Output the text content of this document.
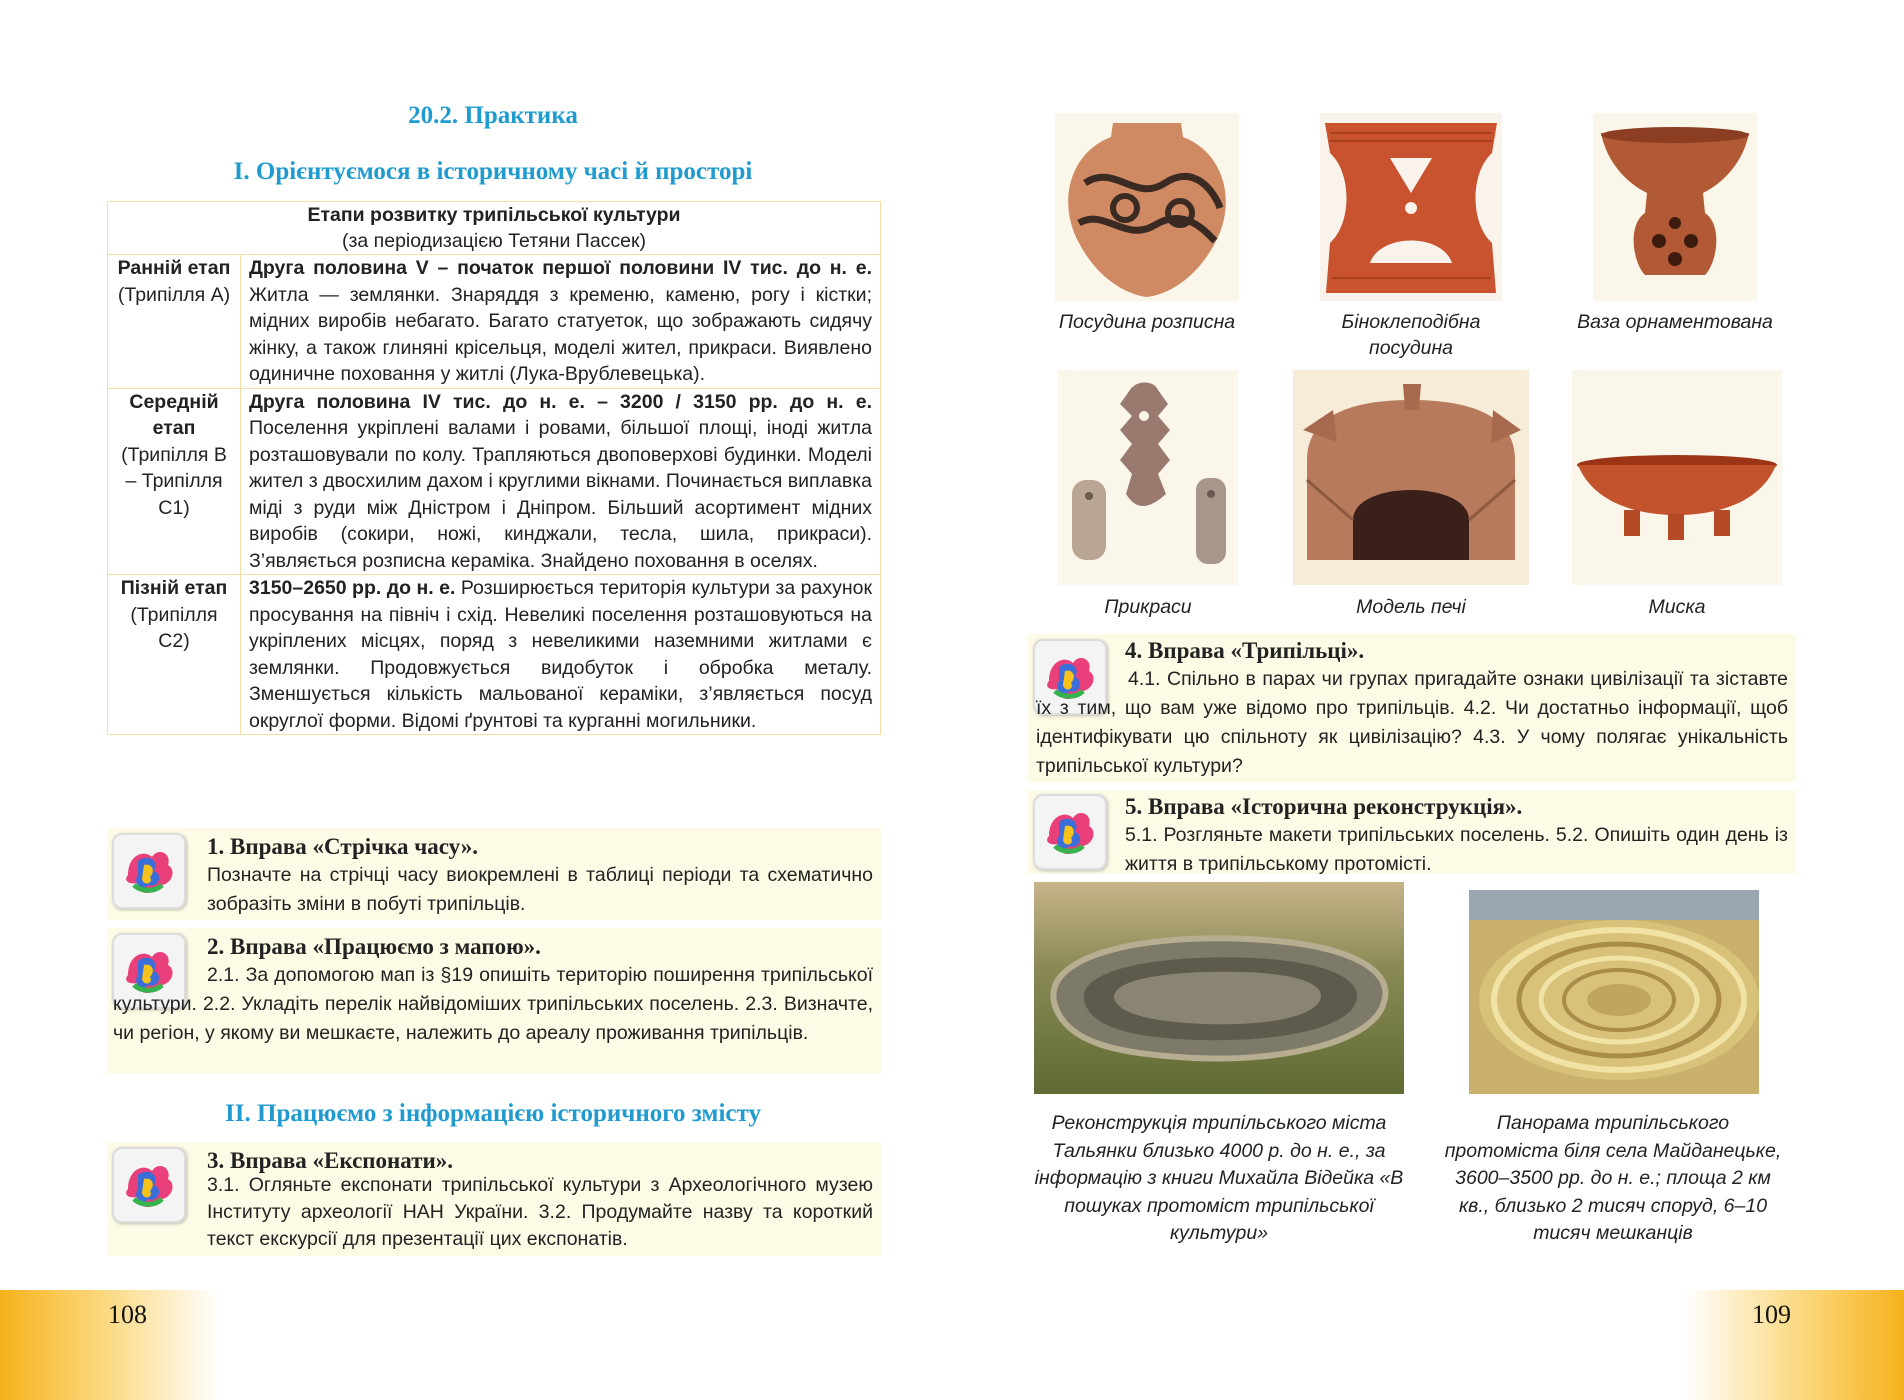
108	109
20.2. Практика
I. Орієнтуємося в історичному часі й просторі
Етапи розвитку трипільської культури
(за періодизацією Тетяни Пассек)	

Ранній етап
(Трипілля А)	Друга половина V – початок першої половини IV тис. до н. е. Житла — землянки. Знаряддя з кременю, каменю, рогу і кістки; мідних виробів небагато. Багато статуеток, що зображають сидячу жінку, а також глиняні крісельця, моделі жител, прикраси. Виявлено одиничне поховання у житлі (Лука-Врублевецька).

Середній етап
(Трипілля В – Трипілля С1)	Друга половина IV тис. до н. е. – 3200 / 3150 рр. до н. е. Поселення укріплені валами і ровами, більшої площі, іноді житла розташовували по колу. Трапляються двоповерхові будинки. Моделі жител з двосхилим дахом і круглими вікнами. Починається виплавка міді з руди між Дністром і Дніпром. Більший асортимент мідних виробів (сокири, ножі, кинджали, тесла, шила, прикраси). З’являється розписна кераміка. Знайдено поховання в оселях.

Пізній етап
(Трипілля С2)	3150–2650 рр. до н. е. Розширюється територія культури за рахунок просування на північ і схід. Невеликі поселення розташовуються на укріплених місцях, поряд з невеликими наземними житлами є землянки. Продовжується видобуток і обробка металу. Зменшується кількість мальованої кераміки, з’являється посуд округлої форми. Відомі ґрунтові та курганні могильники.
1. Вправа «Стрічка часу».
Позначте на стрічці часу виокремлені в таблиці періоди та схематично зобразіть зміни в побуті трипільців.
2. Вправа «Працюємо з мапою».
2.1. За допомогою мап із §19 опишіть територію поширення трипільської культури. 2.2. Укладіть перелік найвідоміших трипільських поселень. 2.3. Визначте, чи регіон, у якому ви мешкаєте, належить до ареалу проживання трипільців.
II. Працюємо з інформацією історичного змісту
3. Вправа «Експонати».
3.1. Огляньте експонати трипільської культури з Археологічного музею Інституту археології НАН України. 3.2. Продумайте назву та короткий текст екскурсії для презентації цих експонатів.
Посудина розписна	Біноклеподібна посудина
Ваза орнаментована
Прикраси	Модель печі	Миска
4. Вправа «Трипільці».
4.1. Спільно в парах чи групах пригадайте ознаки цивілізації та зіставте їх з тим, що вам уже відомо про трипільців. 4.2. Чи достатньо інформації, щоб ідентифікувати цю спільноту як цивілізацію? 4.3. У чому полягає унікальність трипільської культури?
5. Вправа «Історична реконструкція».
5.1. Розгляньте макети трипільських поселень. 5.2. Опишіть один день із життя в трипільському протомісті.
Реконструкція трипільського міста Тальянки близько 4000 р. до н. е., за інформацію з книги Михайла Відейка «В пошуках протоміст трипільської культури»
Панорама трипільського протоміста біля села Майданецьке, 3600–3500 рр. до н. е.; площа 2 км кв., близько 2 тисяч споруд, 6–10 тисяч мешканців
